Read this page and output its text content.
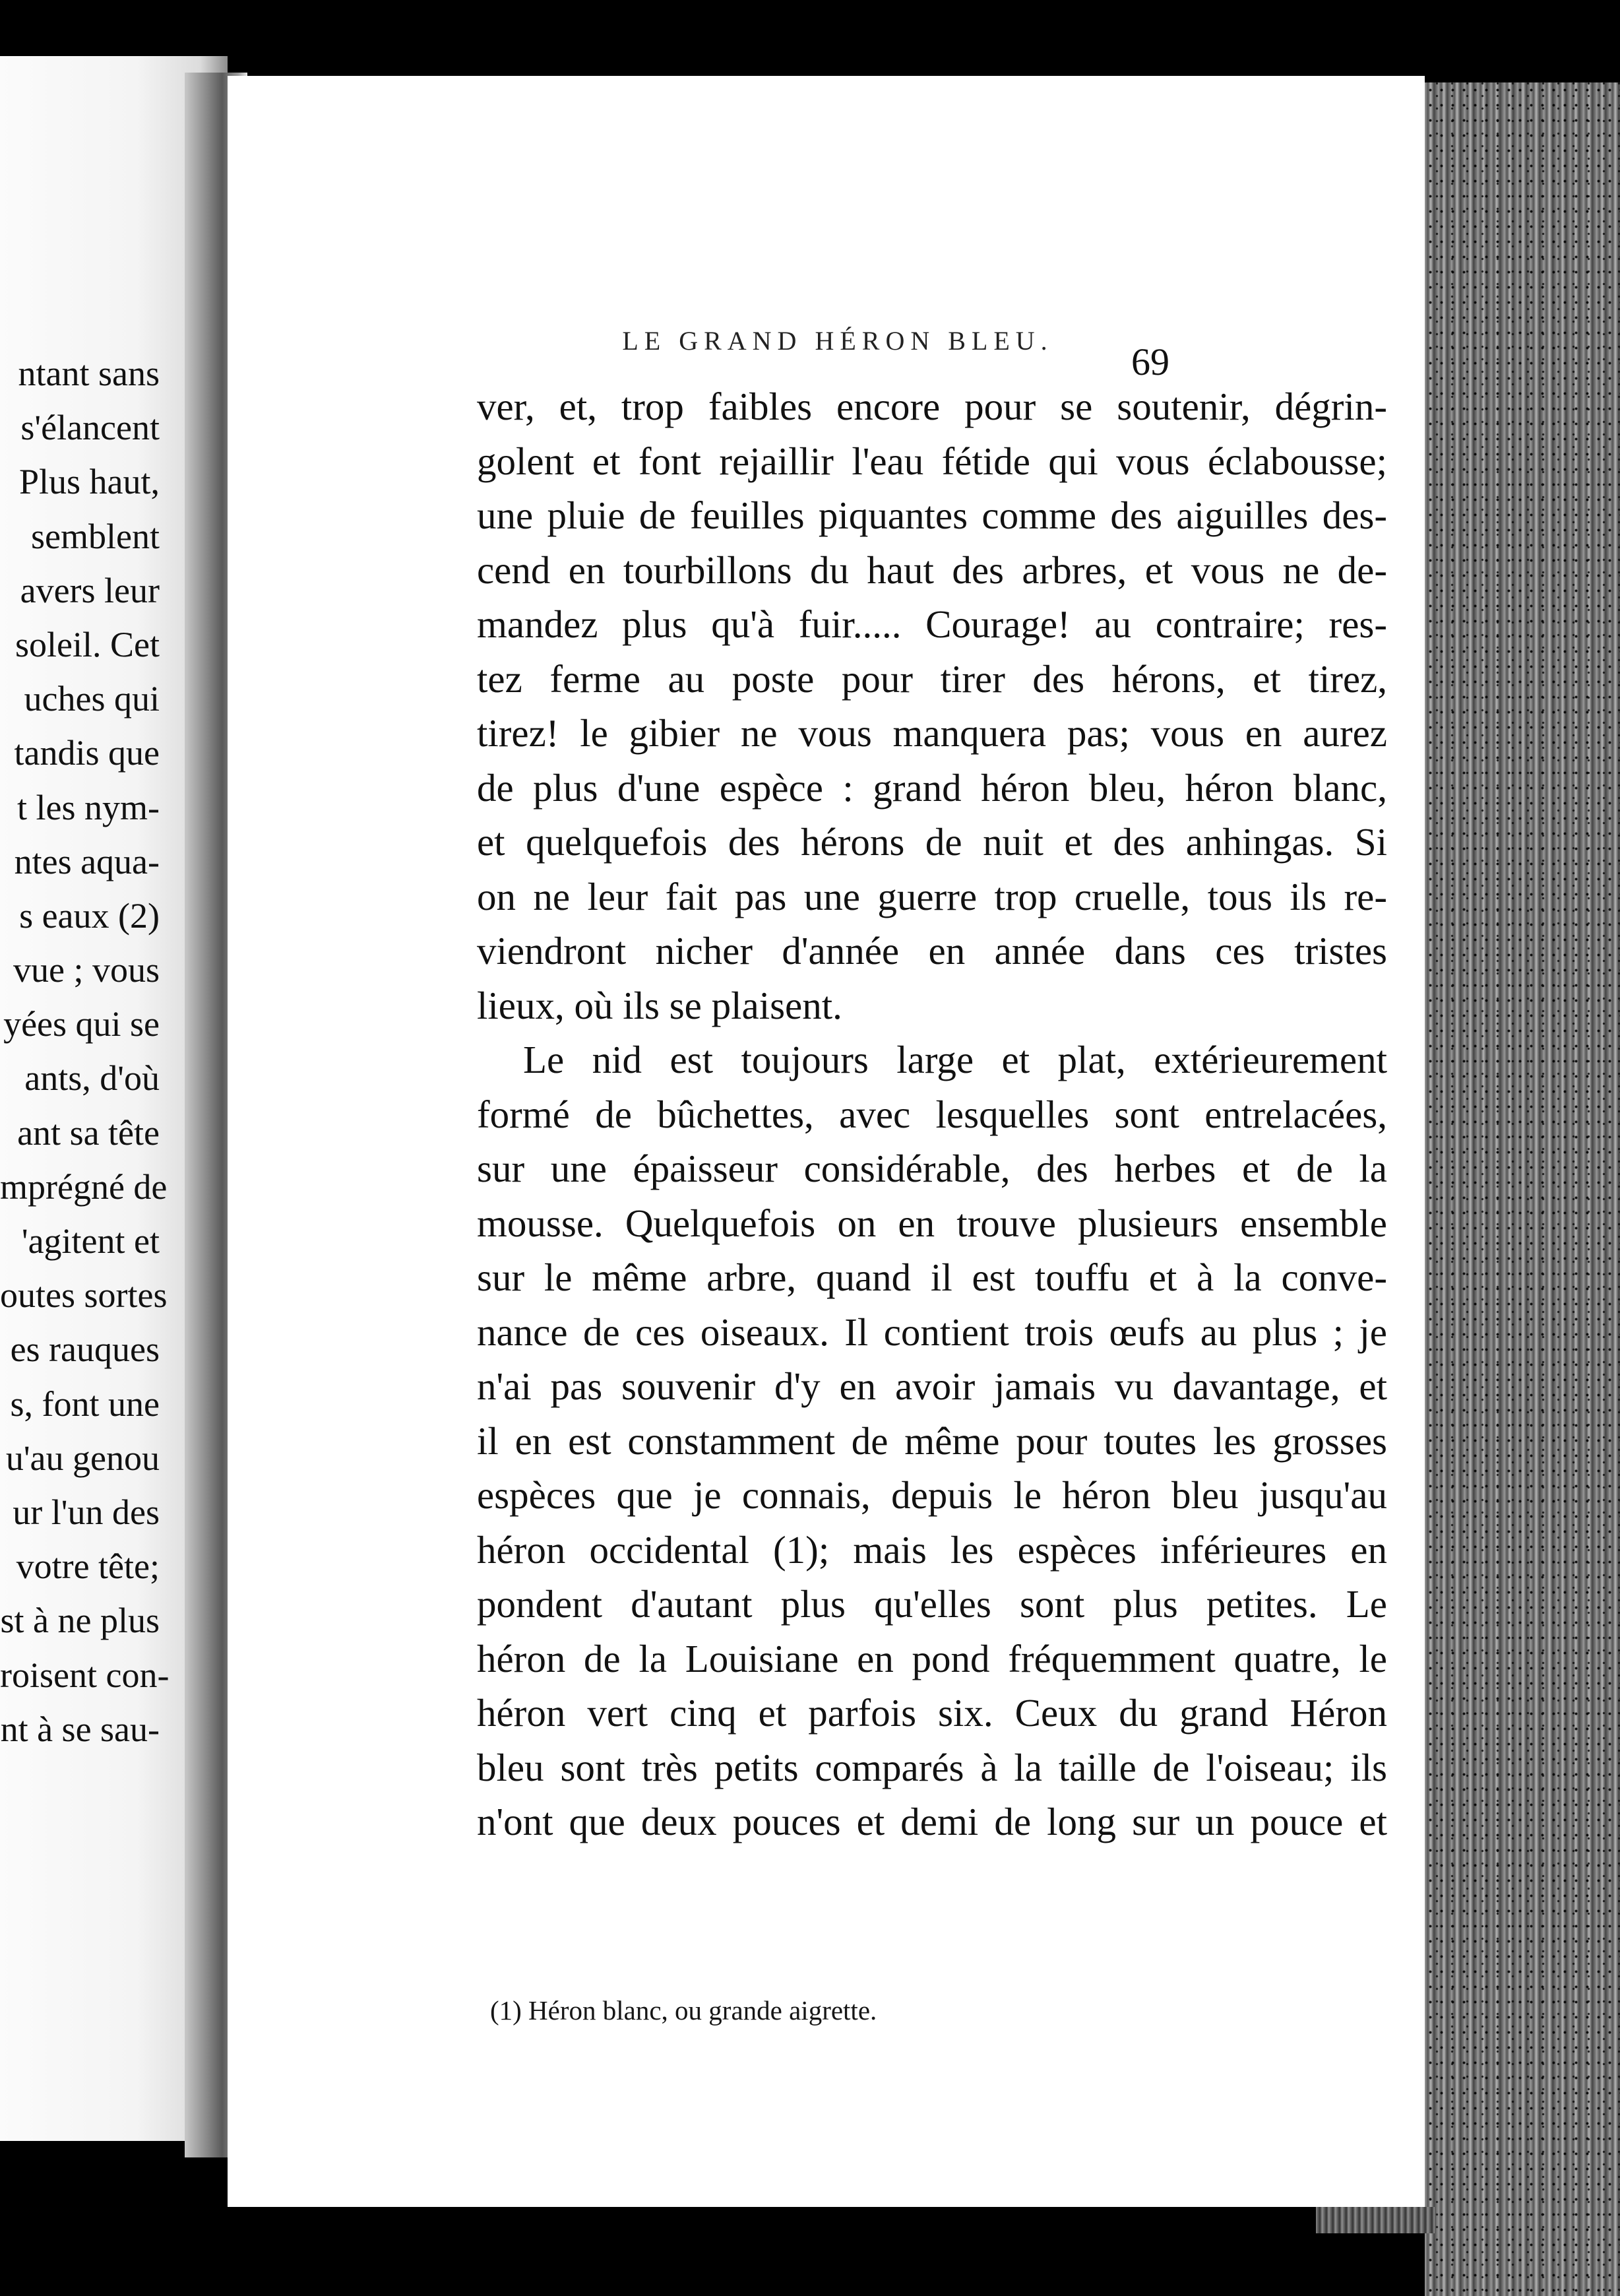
ntant sans
s'élancent
Plus haut,
semblent
avers leur
soleil. Cet
uches qui
tandis que
t les nym-
ntes aqua-
s eaux (2)
vue ; vous
yées qui se
ants, d'où
ant sa tête
mprégné de
'agitent et
outes sortes
es rauques
s, font une
u'au genou
ur l'un des
votre tête;
st à ne plus
roisent con-
nt à se sau-
LE GRAND HÉRON BLEU.	69
ver, et, trop faibles encore pour se soutenir, dégrin-
golent et font rejaillir l'eau fétide qui vous éclabousse;
une pluie de feuilles piquantes comme des aiguilles des-
cend en tourbillons du haut des arbres, et vous ne de-
mandez plus qu'à fuir..... Courage! au contraire; res-
tez ferme au poste pour tirer des hérons, et tirez,
tirez! le gibier ne vous manquera pas; vous en aurez
de plus d'une espèce : grand héron bleu, héron blanc,
et quelquefois des hérons de nuit et des anhingas. Si
on ne leur fait pas une guerre trop cruelle, tous ils re-
viendront nicher d'année en année dans ces tristes
lieux, où ils se plaisent.
Le nid est toujours large et plat, extérieurement
formé de bûchettes, avec lesquelles sont entrelacées,
sur une épaisseur considérable, des herbes et de la
mousse. Quelquefois on en trouve plusieurs ensemble
sur le même arbre, quand il est touffu et à la conve-
nance de ces oiseaux. Il contient trois œufs au plus ; je
n'ai pas souvenir d'y en avoir jamais vu davantage, et
il en est constamment de même pour toutes les grosses
espèces que je connais, depuis le héron bleu jusqu'au
héron occidental (1); mais les espèces inférieures en
pondent d'autant plus qu'elles sont plus petites. Le
héron de la Louisiane en pond fréquemment quatre, le
héron vert cinq et parfois six. Ceux du grand Héron
bleu sont très petits comparés à la taille de l'oiseau; ils
n'ont que deux pouces et demi de long sur un pouce et
(1) Héron blanc, ou grande aigrette.
